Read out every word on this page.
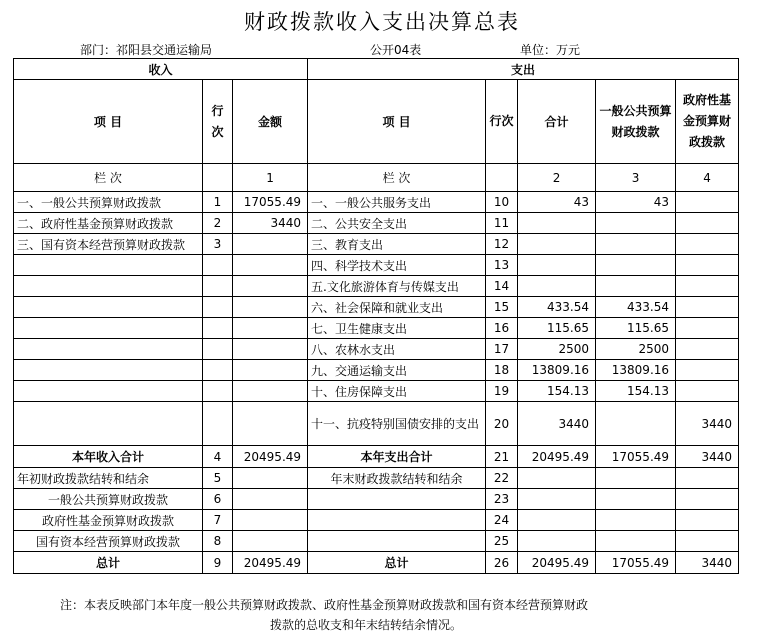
财政拨款收入支出决算总表
部门：祁阳县交通运输局	公开04表	单位：万元
收入			支出				
项 目	行次	金额	项 目	行次	合计	一般公共预算财政拨款	政府性基金预算财政拨款
栏 次		1	栏 次		2	3	4
一、一般公共预算财政拨款	1	17055.49	一、一般公共服务支出	10	43	43	
二、政府性基金预算财政拨款	2	3440	二、公共安全支出	11			
三、国有资本经营预算财政拨款	3		三、教育支出	12			
			四、科学技术支出	13			
			五.文化旅游体育与传媒支出	14			
			六、社会保障和就业支出	15	433.54	433.54	
			七、卫生健康支出	16	115.65	115.65	
			八、农林水支出	17	2500	2500	
			九、交通运输支出	18	13809.16	13809.16	
			十、住房保障支出	19	154.13	154.13	
			十一、抗疫特别国债安排的支出	20	3440		3440
本年收入合计	4	20495.49	本年支出合计	21	20495.49	17055.49	3440
年初财政拨款结转和结余	5		年末财政拨款结转和结余	22			
一般公共预算财政拨款	6			23			
政府性基金预算财政拨款	7			24			
国有资本经营预算财政拨款	8			25			
总计	9	20495.49	总计	26	20495.49	17055.49	3440
注：本表反映部门本年度一般公共预算财政拨款、政府性基金预算财政拨款和国有资本经营预算财政
拨款的总收支和年末结转结余情况。
